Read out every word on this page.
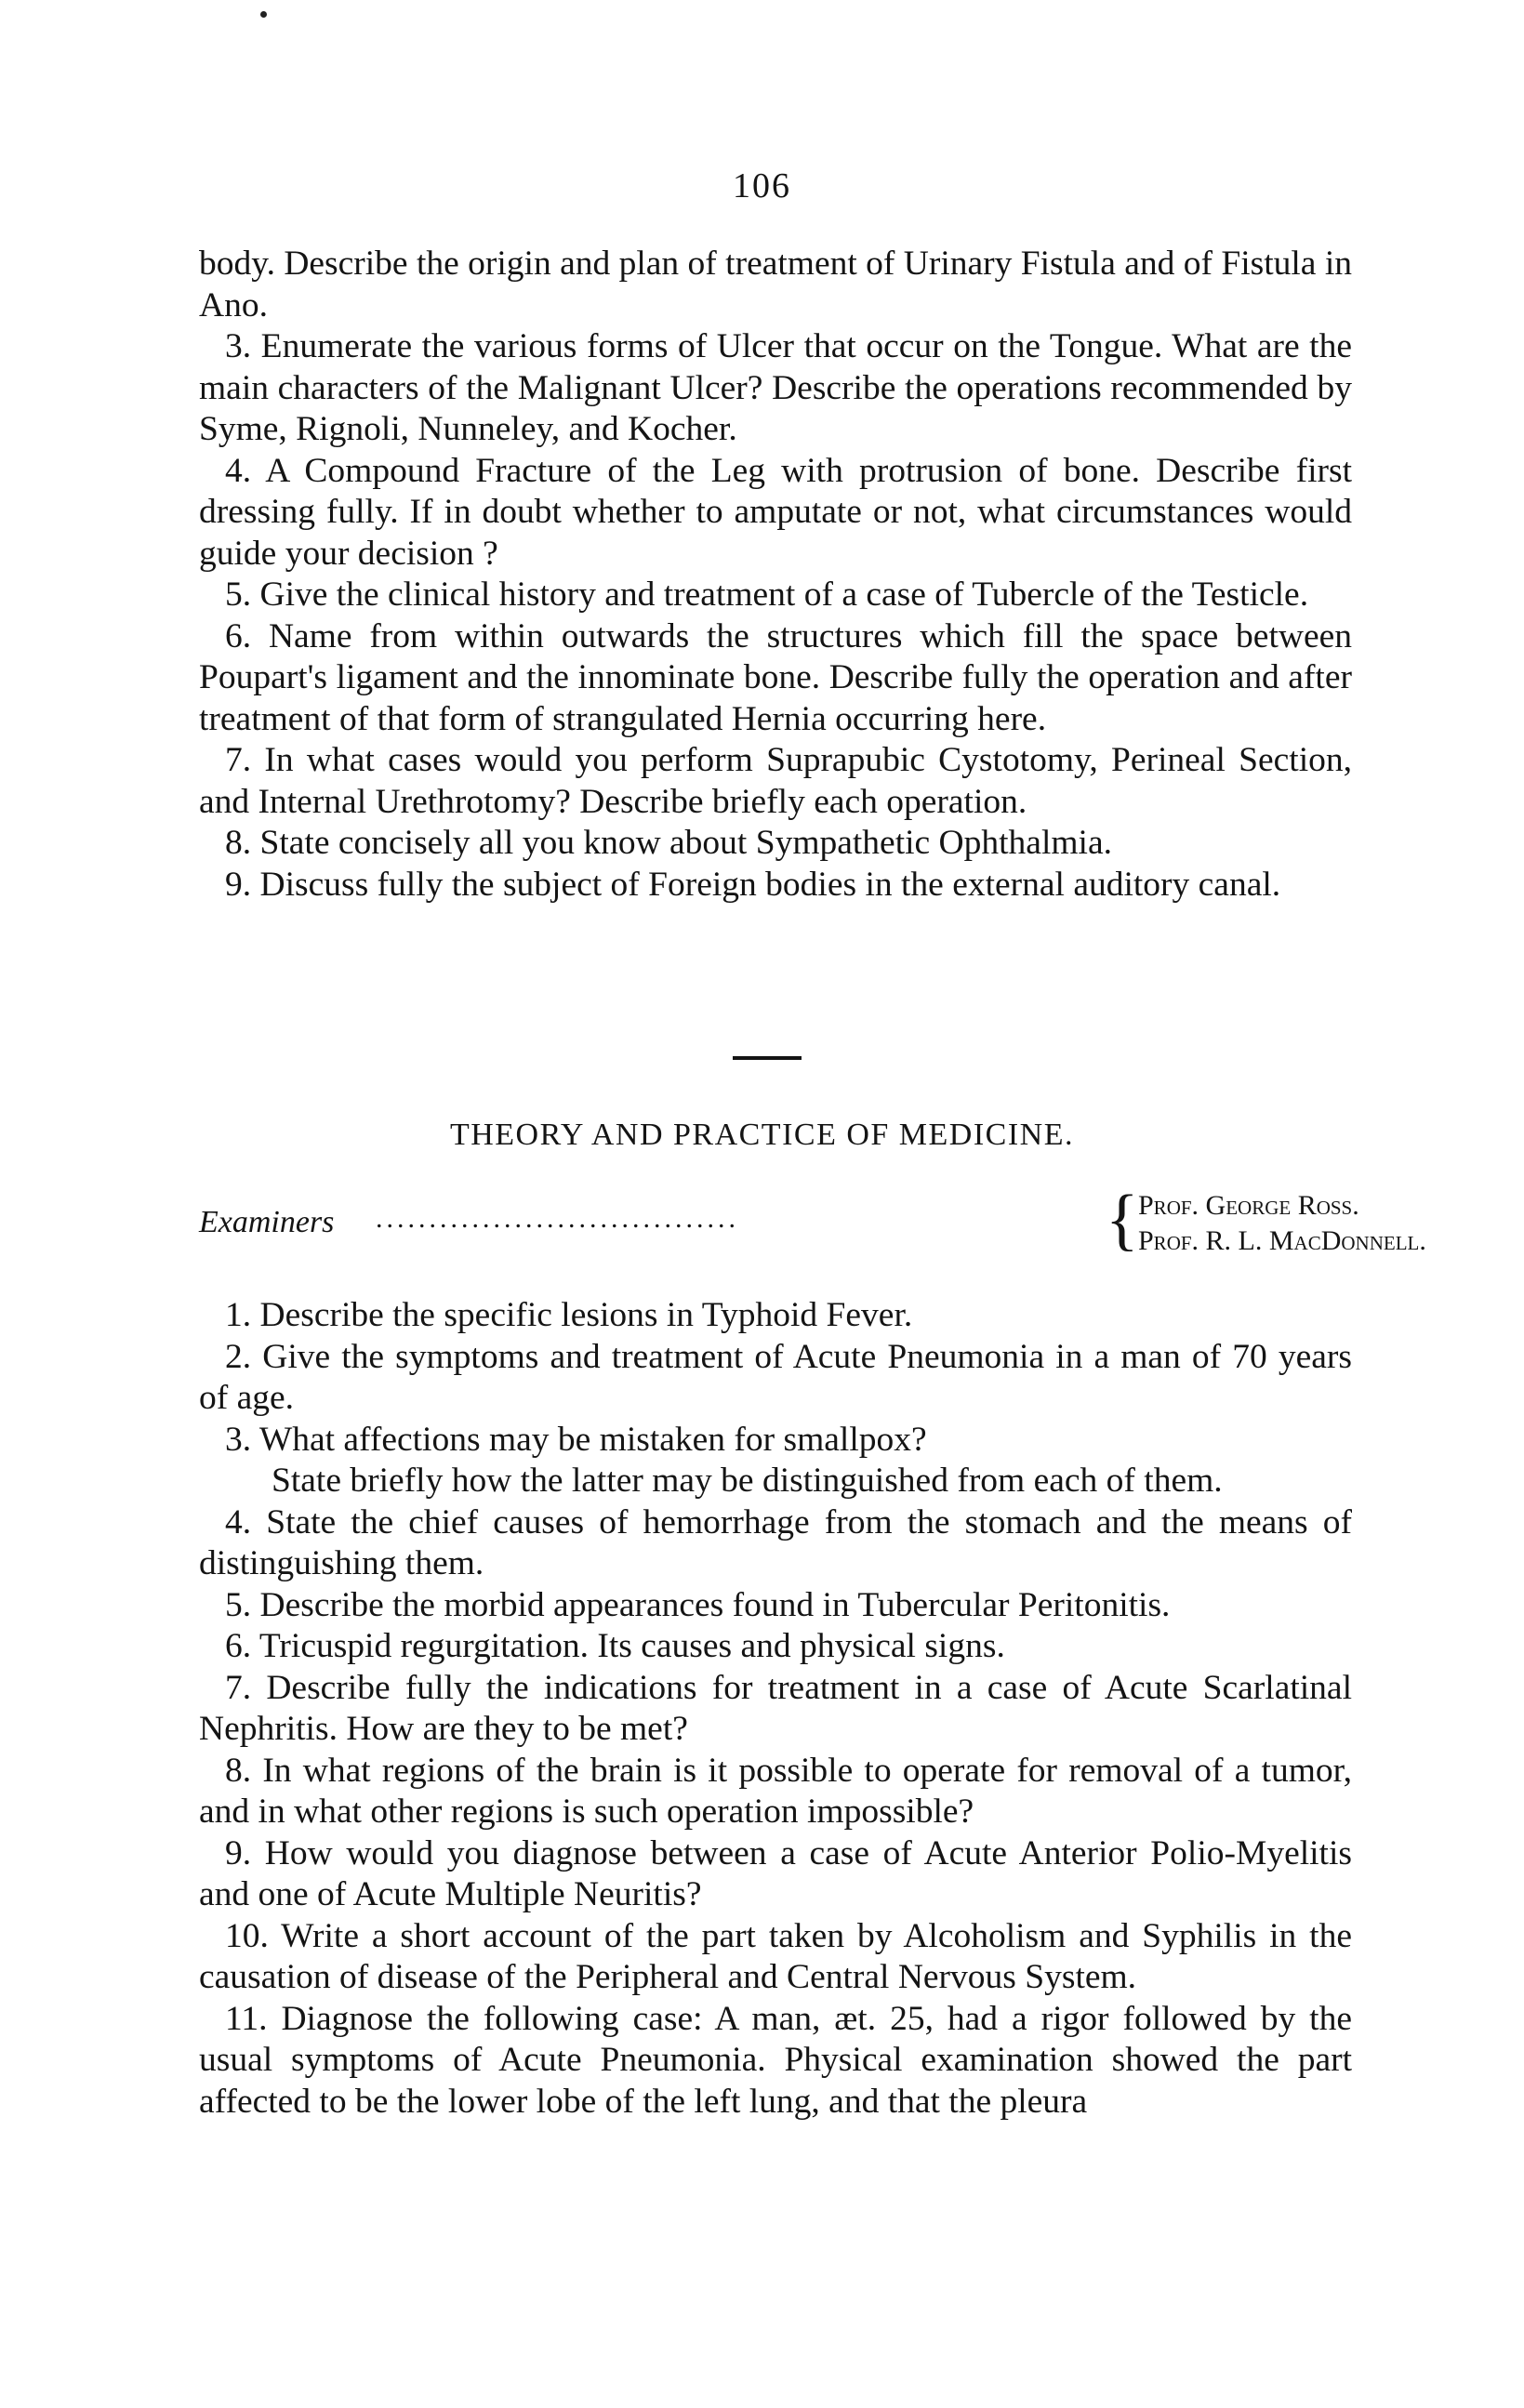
106

body. Describe the origin and plan of treatment of Urinary Fistula and of Fistula in Ano.

3. Enumerate the various forms of Ulcer that occur on the Tongue. What are the main characters of the Malignant Ulcer? Describe the operations recommended by Syme, Rignoli, Nunneley, and Kocher.

4. A Compound Fracture of the Leg with protrusion of bone. Describe first dressing fully. If in doubt whether to amputate or not, what circumstances would guide your decision ?

5. Give the clinical history and treatment of a case of Tubercle of the Testicle.

6. Name from within outwards the structures which fill the space between Poupart's ligament and the innominate bone. Describe fully the operation and after treatment of that form of strangulated Hernia occurring here.

7. In what cases would you perform Suprapubic Cystotomy, Perineal Section, and Internal Urethrotomy? Describe briefly each operation.

8. State concisely all you know about Sympathetic Ophthalmia.

9. Discuss fully the subject of Foreign bodies in the external auditory canal.

THEORY AND PRACTICE OF MEDICINE.
Examiners ..................................	{ Prof. George Ross.
Prof. R. L. MacDonnell.

1. Describe the specific lesions in Typhoid Fever.

2. Give the symptoms and treatment of Acute Pneumonia in a man of 70 years of age.

3. What affections may be mistaken for smallpox?

State briefly how the latter may be distinguished from each of them.

4. State the chief causes of hemorrhage from the stomach and the means of distinguishing them.

5. Describe the morbid appearances found in Tubercular Peritonitis.

6. Tricuspid regurgitation. Its causes and physical signs.

7. Describe fully the indications for treatment in a case of Acute Scarlatinal Nephritis. How are they to be met?

8. In what regions of the brain is it possible to operate for removal of a tumor, and in what other regions is such operation impossible?

9. How would you diagnose between a case of Acute Anterior Polio-Myelitis and one of Acute Multiple Neuritis?

10. Write a short account of the part taken by Alcoholism and Syphilis in the causation of disease of the Peripheral and Central Nervous System.

11. Diagnose the following case: A man, æt. 25, had a rigor followed by the usual symptoms of Acute Pneumonia. Physical examination showed the part affected to be the lower lobe of the left lung, and that the pleura
